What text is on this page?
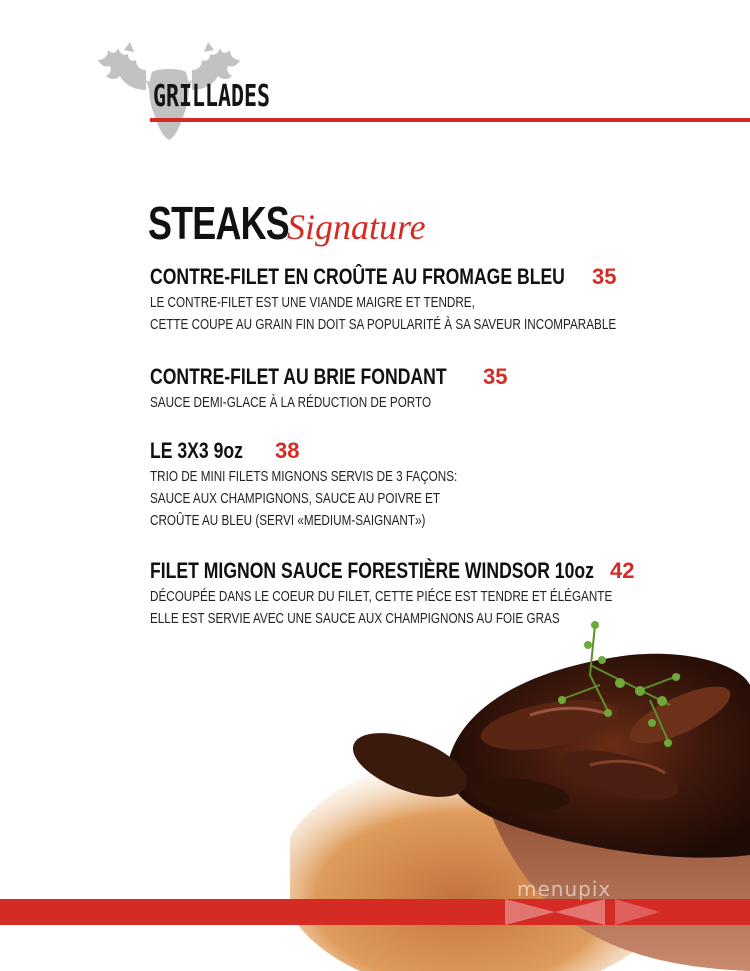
GRILLADES
STEAKS
Signature
CONTRE-FILET EN CROÛTE AU FROMAGE BLEU 35
LE CONTRE-FILET EST UNE VIANDE MAIGRE ET TENDRE,
CETTE COUPE AU GRAIN FIN DOIT SA POPULARITÉ À SA SAVEUR INCOMPARABLE
CONTRE-FILET AU BRIE FONDANT 35
SAUCE DEMI-GLACE À LA RÉDUCTION DE PORTO
LE 3X3 9oz 38
TRIO DE MINI FILETS MIGNONS SERVIS DE 3 FAÇONS:
SAUCE AUX CHAMPIGNONS, SAUCE AU POIVRE ET
CROÛTE AU BLEU (SERVI «MEDIUM-SAIGNANT»)
FILET MIGNON SAUCE FORESTIÈRE WINDSOR 10oz 42
DÉCOUPÉE DANS LE COEUR DU FILET, CETTE PIÉCE EST TENDRE ET ÉLÉGANTE
ELLE EST SERVIE AVEC UNE SAUCE AUX CHAMPIGNONS AU FOIE GRAS
menupix
